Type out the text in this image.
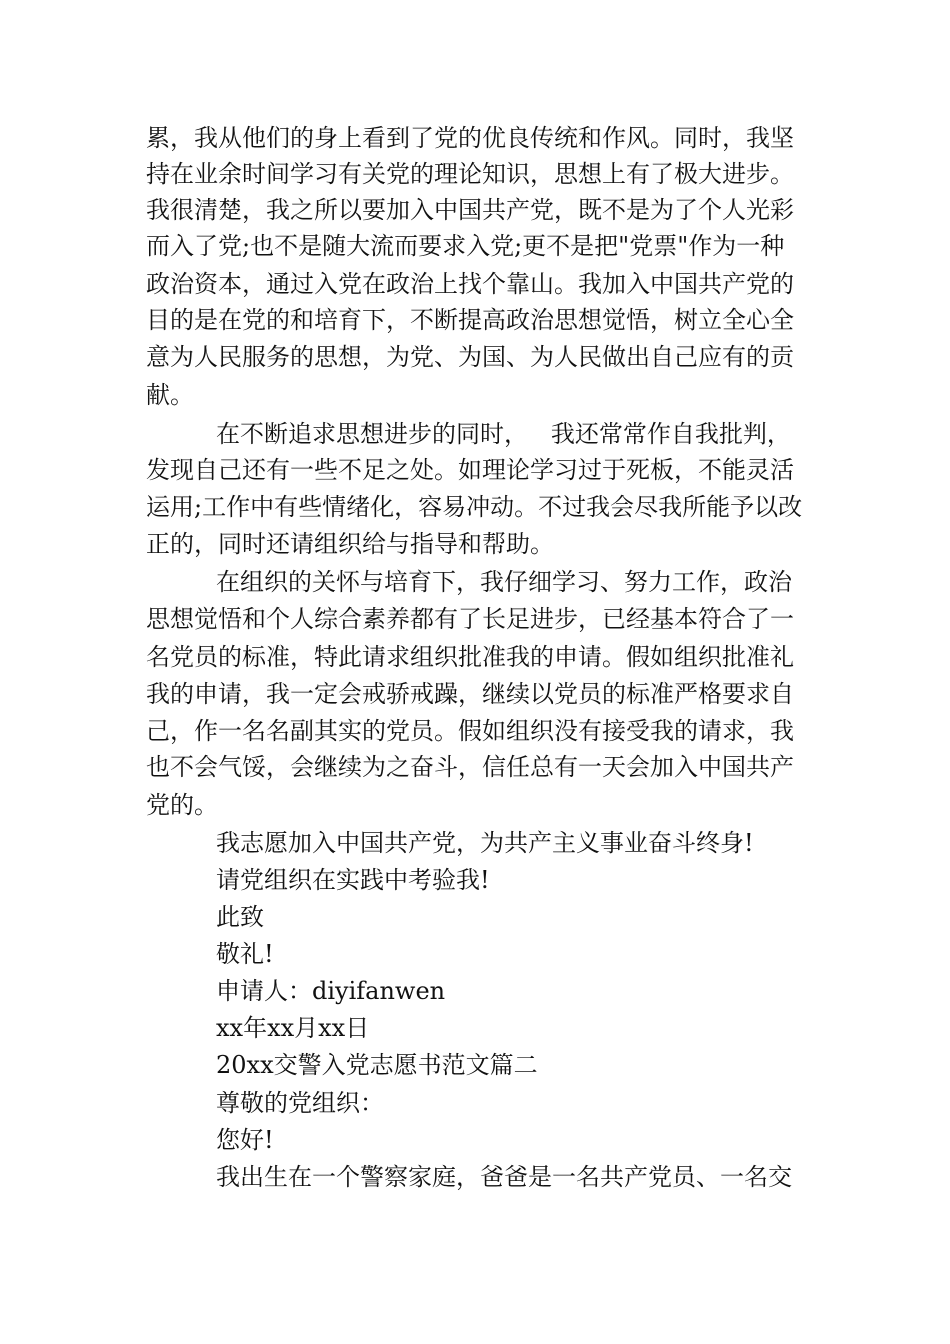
累，我从他们的身上看到了党的优良传统和作风。同时，我坚
持在业余时间学习有关党的理论知识，思想上有了极大进步。
我很清楚，我之所以要加入中国共产党，既不是为了个人光彩
而入了党;也不是随大流而要求入党;更不是把"党票"作为一种
政治资本，通过入党在政治上找个靠山。我加入中国共产党的
目的是在党的和培育下，不断提高政治思想觉悟，树立全心全
意为人民服务的思想，为党、为国、为人民做出自己应有的贡
献。
在不断追求思想进步的同时，   我还常常作自我批判，
发现自己还有一些不足之处。如理论学习过于死板，不能灵活
运用;工作中有些情绪化，容易冲动。不过我会尽我所能予以改
正的，同时还请组织给与指导和帮助。
在组织的关怀与培育下，我仔细学习、努力工作，政治
思想觉悟和个人综合素养都有了长足进步，已经基本符合了一
名党员的标准，特此请求组织批准我的申请。假如组织批准礼
我的申请，我一定会戒骄戒躁，继续以党员的标准严格要求自
己，作一名名副其实的党员。假如组织没有接受我的请求，我
也不会气馁，会继续为之奋斗，信任总有一天会加入中国共产
党的。
我志愿加入中国共产党，为共产主义事业奋斗终身!
请党组织在实践中考验我!
此致
敬礼!
申请人：diyifanwen
xx年xx月xx日
20xx交警入党志愿书范文篇二
尊敬的党组织：
您好!
我出生在一个警察家庭，爸爸是一名共产党员、一名交
